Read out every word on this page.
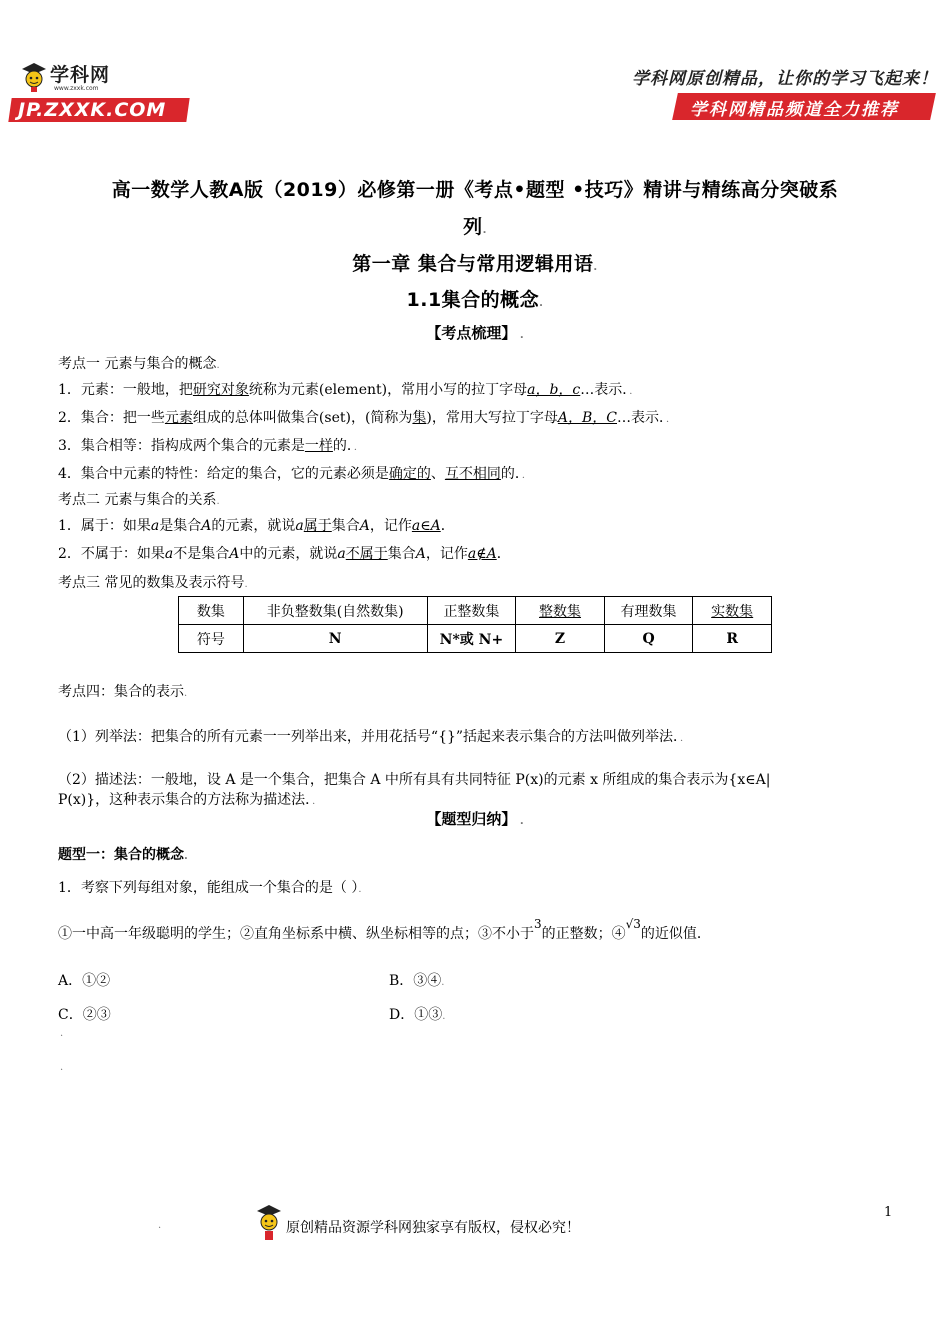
学科网
www.zxxk.com
JP.ZXXK.COM
学科网原创精品，让你的学习飞起来！
学科网精品频道全力推荐
高一数学人教A版（2019）必修第一册《考点•题型 •技巧》精讲与精练高分突破系
列.
第一章 集合与常用逻辑用语.
1.1集合的概念.
【考点梳理】 .
考点一 元素与集合的概念.
1．元素：一般地，把研究对象统称为元素(element)，常用小写的拉丁字母a，b，c…表示．．
2．集合：把一些元素组成的总体叫做集合(set)，(简称为集)，常用大写拉丁字母A，B，C…表示．．
3．集合相等：指构成两个集合的元素是一样的．．
4．集合中元素的特性：给定的集合，它的元素必须是确定的、互不相同的．．
考点二 元素与集合的关系.
1．属于：如果a是集合A的元素，就说a属于集合A，记作a∈A．
2．不属于：如果a不是集合A中的元素，就说a不属于集合A，记作a∉A．
考点三 常见的数集及表示符号.
数集	非负整数集(自然数集)	正整数集	整数集	有理数集	实数集
符号	N	N*或 N+	Z	Q	R
考点四：集合的表示.
（1）列举法：把集合的所有元素一一列举出来，并用花括号“{}”括起来表示集合的方法叫做列举法．．
（2）描述法：一般地，设 A 是一个集合，把集合 A 中所有具有共同特征 P(x)的元素 x 所组成的集合表示为{x∈A|
P(x)}，这种表示集合的方法称为描述法．．
【题型归纳】 .
题型一：集合的概念.
1．考察下列每组对象，能组成一个集合的是（ ）．
①一中高一年级聪明的学生；②直角坐标系中横、纵坐标相等的点；③不小于3的正整数；④√3的近似值．
A．①②	B．③④.
C．②③	D．①③.
.
.
.	原创精品资源学科网独家享有版权，侵权必究！
1
